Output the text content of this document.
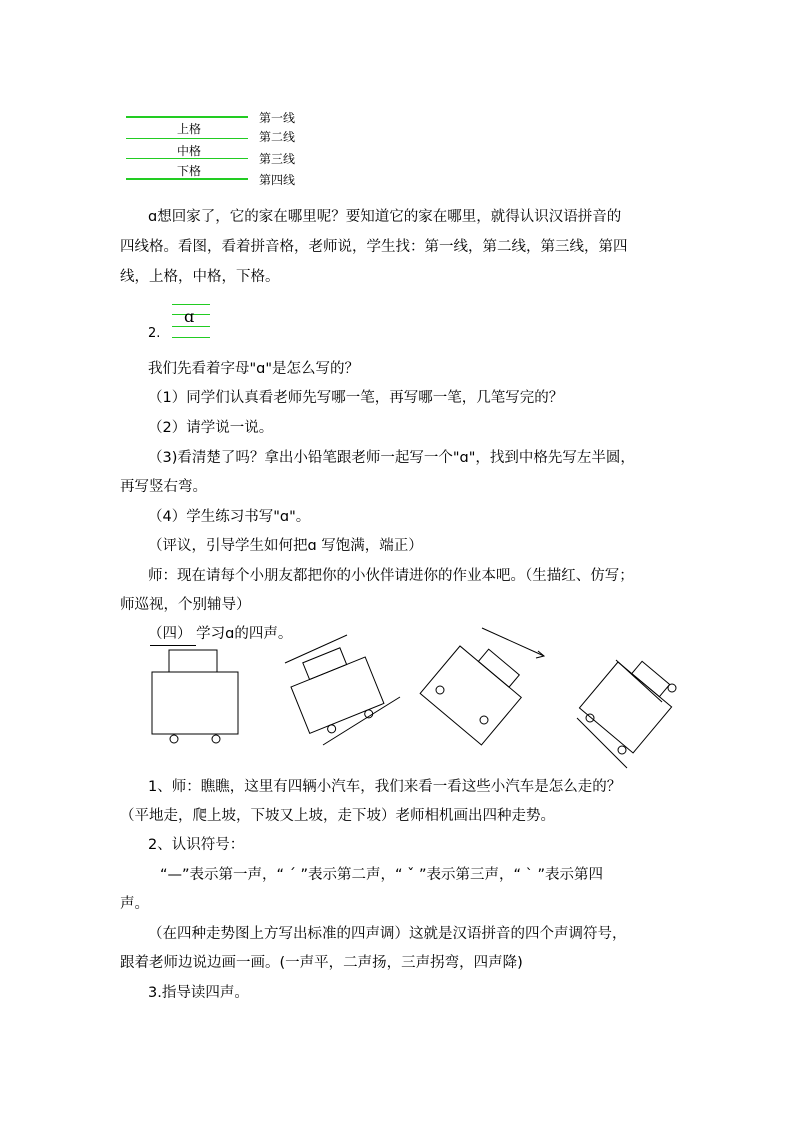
上格
中格
下格
第一线
第二线
第三线
第四线

ɑ想回家了，它的家在哪里呢？要知道它的家在哪里，就得认识汉语拼音的

四线格。看图，看着拼音格，老师说，学生找：第一线，第二线，第三线，第四

线，上格，中格，下格。

2.
ɑ

我们先看着字母"ɑ"是怎么写的？

（1）同学们认真看老师先写哪一笔，再写哪一笔，几笔写完的？

（2）请学说一说。

（3)看清楚了吗？拿出小铅笔跟老师一起写一个"ɑ"，找到中格先写左半圆，

再写竖右弯。

（4）学生练习书写"ɑ"。

（评议，引导学生如何把ɑ 写饱满，端正）

师：现在请每个小朋友都把你的小伙伴请进你的作业本吧。（生描红、仿写；

师巡视，个别辅导）

（四） 学习ɑ的四声。

1、师：瞧瞧，这里有四辆小汽车，我们来看一看这些小汽车是怎么走的？

（平地走，爬上坡，下坡又上坡，走下坡）老师相机画出四种走势。

2、认识符号：

“—”表示第一声，“ ˊ ”表示第二声，“ ˇ ”表示第三声，“ ˋ ”表示第四

声。

（在四种走势图上方写出标准的四声调）这就是汉语拼音的四个声调符号，

跟着老师边说边画一画。(一声平，二声扬，三声拐弯，四声降)

3.指导读四声。
